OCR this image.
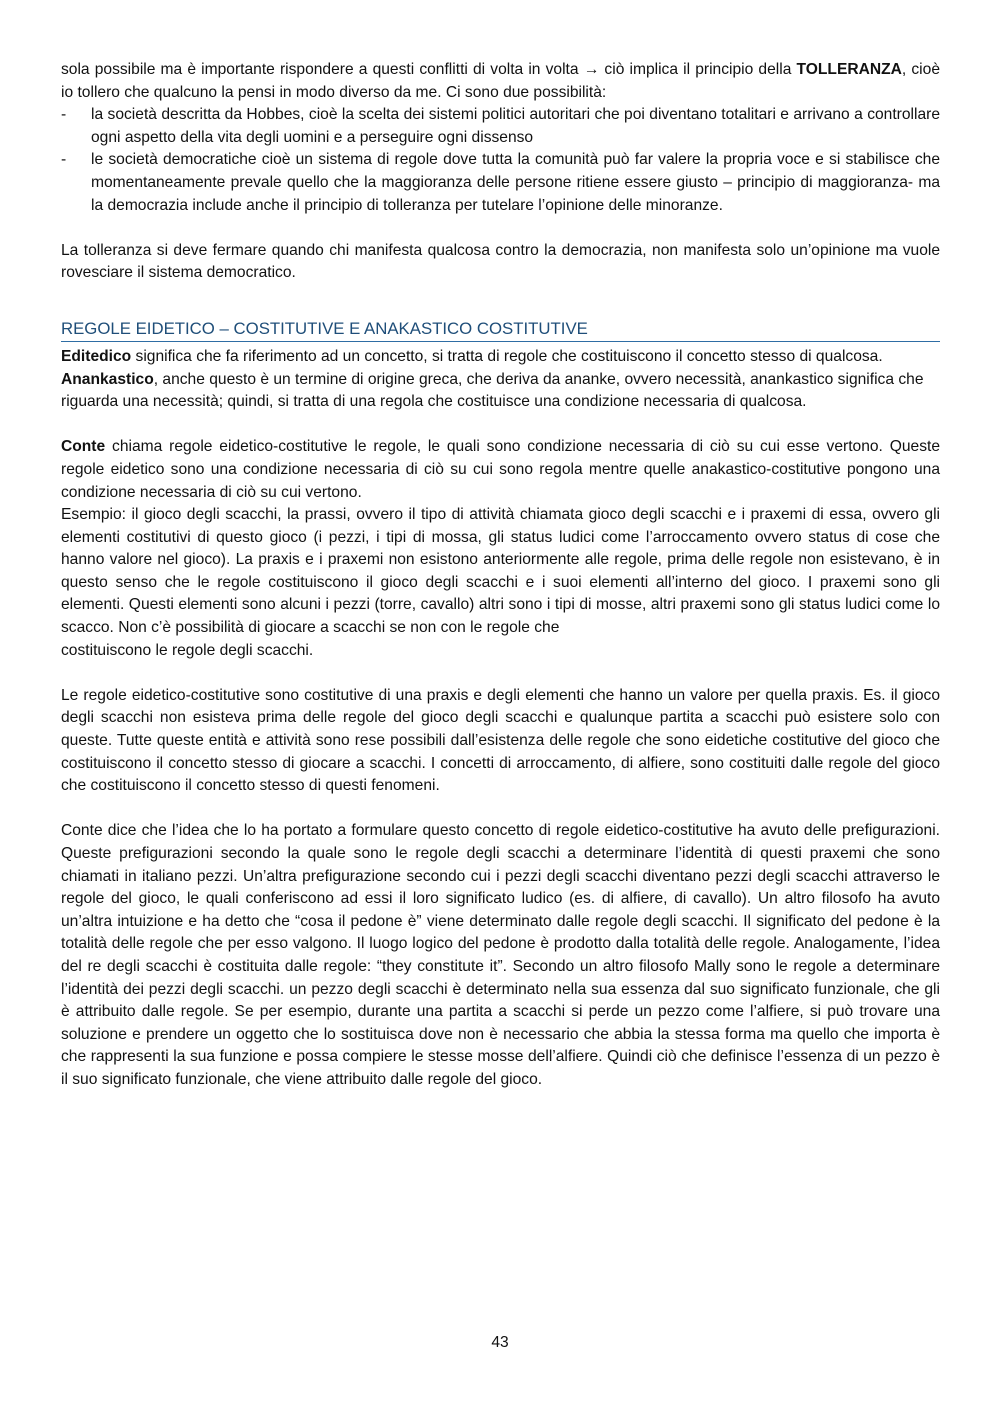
sola possibile ma è importante rispondere a questi conflitti di volta in volta → ciò implica il principio della TOLLERANZA, cioè io tollero che qualcuno la pensi in modo diverso da me. Ci sono due possibilità:

- la società descritta da Hobbes, cioè la scelta dei sistemi politici autoritari che poi diventano totalitari e arrivano a controllare ogni aspetto della vita degli uomini e a perseguire ogni dissenso
- le società democratiche cioè un sistema di regole dove tutta la comunità può far valere la propria voce e si stabilisce che momentaneamente prevale quello che la maggioranza delle persone ritiene essere giusto – principio di maggioranza- ma la democrazia include anche il principio di tolleranza per tutelare l’opinione delle minoranze.

La tolleranza si deve fermare quando chi manifesta qualcosa contro la democrazia, non manifesta solo un’opinione ma vuole rovesciare il sistema democratico.

REGOLE EIDETICO – COSTITUTIVE E ANAKASTICO COSTITUTIVE

Editedico significa che fa riferimento ad un concetto, si tratta di regole che costituiscono il concetto stesso di qualcosa.

Anankastico, anche questo è un termine di origine greca, che deriva da ananke, ovvero necessità, anankastico significa che riguarda una necessità; quindi, si tratta di una regola che costituisce una condizione necessaria di qualcosa.

Conte chiama regole eidetico-costitutive le regole, le quali sono condizione necessaria di ciò su cui esse vertono. Queste regole eidetico sono una condizione necessaria di ciò su cui sono regola mentre quelle anakastico-costitutive pongono una condizione necessaria di ciò su cui vertono.

Esempio: il gioco degli scacchi, la prassi, ovvero il tipo di attività chiamata gioco degli scacchi e i praxemi di essa, ovvero gli elementi costitutivi di questo gioco (i pezzi, i tipi di mossa, gli status ludici come l’arroccamento ovvero status di cose che hanno valore nel gioco). La praxis e i praxemi non esistono anteriormente alle regole, prima delle regole non esistevano, è in questo senso che le regole costituiscono il gioco degli scacchi e i suoi elementi all’interno del gioco. I praxemi sono gli elementi. Questi elementi sono alcuni i pezzi (torre, cavallo) altri sono i tipi di mosse, altri praxemi sono gli status ludici come lo scacco. Non c’è possibilità di giocare a scacchi se non con le regole che

costituiscono le regole degli scacchi.

Le regole eidetico-costitutive sono costitutive di una praxis e degli elementi che hanno un valore per quella praxis. Es. il gioco degli scacchi non esisteva prima delle regole del gioco degli scacchi e qualunque partita a scacchi può esistere solo con queste. Tutte queste entità e attività sono rese possibili dall’esistenza delle regole che sono eidetiche costitutive del gioco che costituiscono il concetto stesso di giocare a scacchi. I concetti di arroccamento, di alfiere, sono costituiti dalle regole del gioco che costituiscono il concetto stesso di questi fenomeni.

Conte dice che l’idea che lo ha portato a formulare questo concetto di regole eidetico-costitutive ha avuto delle prefigurazioni. Queste prefigurazioni secondo la quale sono le regole degli scacchi a determinare l’identità di questi praxemi che sono chiamati in italiano pezzi. Un’altra prefigurazione secondo cui i pezzi degli scacchi diventano pezzi degli scacchi attraverso le regole del gioco, le quali conferiscono ad essi il loro significato ludico (es. di alfiere, di cavallo). Un altro filosofo ha avuto un’altra intuizione e ha detto che “cosa il pedone è” viene determinato dalle regole degli scacchi. Il significato del pedone è la totalità delle regole che per esso valgono. Il luogo logico del pedone è prodotto dalla totalità delle regole. Analogamente, l’idea del re degli scacchi è costituita dalle regole: “they constitute it”. Secondo un altro filosofo Mally sono le regole a determinare l’identità dei pezzi degli scacchi. un pezzo degli scacchi è determinato nella sua essenza dal suo significato funzionale, che gli è attribuito dalle regole. Se per esempio, durante una partita a scacchi si perde un pezzo come l’alfiere, si può trovare una soluzione e prendere un oggetto che lo sostituisca dove non è necessario che abbia la stessa forma ma quello che importa è che rappresenti la sua funzione e possa compiere le stesse mosse dell’alfiere. Quindi ciò che definisce l’essenza di un pezzo è il suo significato funzionale, che viene attribuito dalle regole del gioco.

43
